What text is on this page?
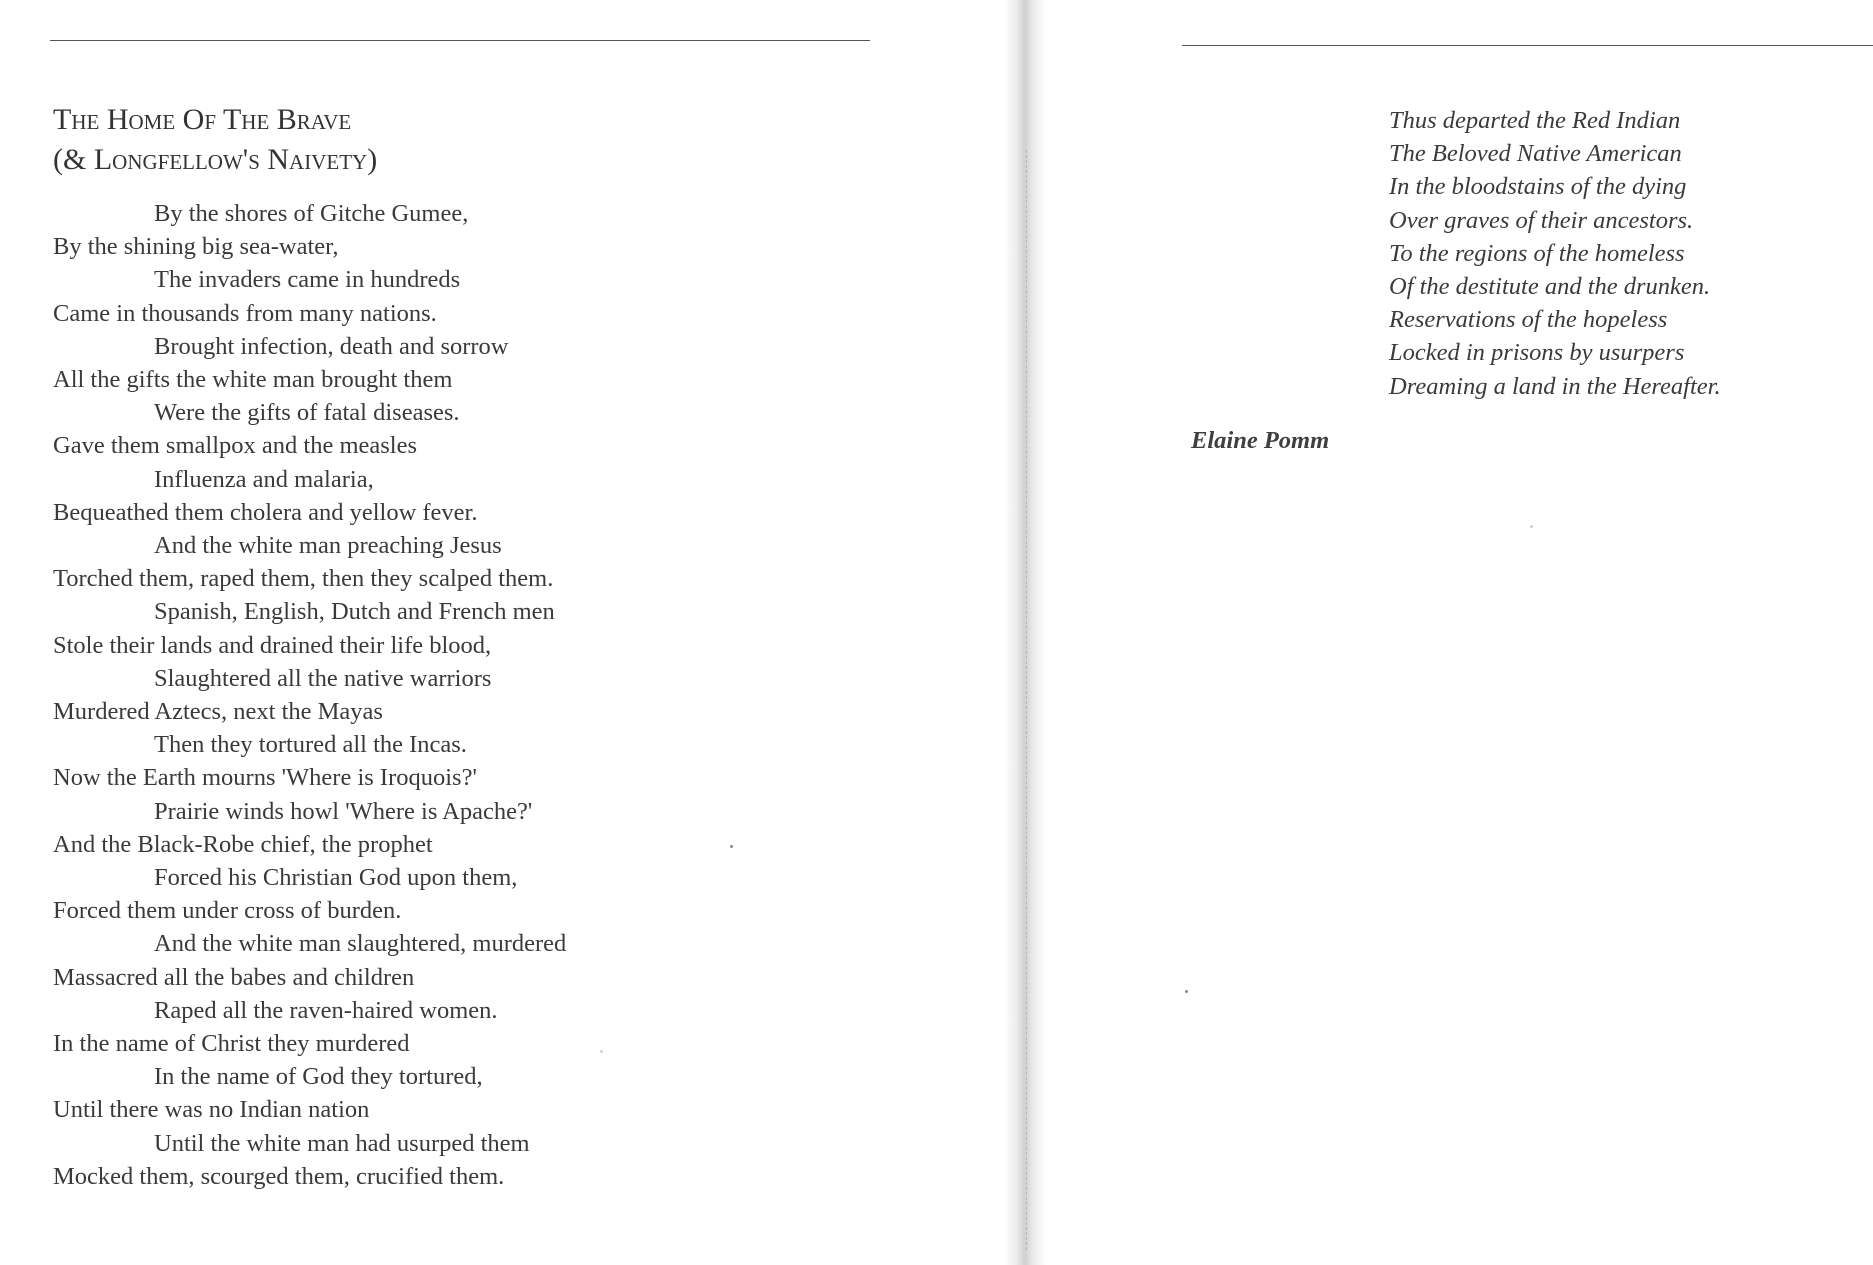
The Home Of The Brave
(& Longfellow's Naivety)
By the shores of Gitche Gumee,
By the shining big sea-water,
The invaders came in hundreds
Came in thousands from many nations.
Brought infection, death and sorrow
All the gifts the white man brought them
Were the gifts of fatal diseases.
Gave them smallpox and the measles
Influenza and malaria,
Bequeathed them cholera and yellow fever.
And the white man preaching Jesus
Torched them, raped them, then they scalped them.
Spanish, English, Dutch and French men
Stole their lands and drained their life blood,
Slaughtered all the native warriors
Murdered Aztecs, next the Mayas
Then they tortured all the Incas.
Now the Earth mourns 'Where is Iroquois?'
Prairie winds howl 'Where is Apache?'
And the Black-Robe chief, the prophet
Forced his Christian God upon them,
Forced them under cross of burden.
And the white man slaughtered, murdered
Massacred all the babes and children
Raped all the raven-haired women.
In the name of Christ they murdered
In the name of God they tortured,
Until there was no Indian nation
Until the white man had usurped them
Mocked them, scourged them, crucified them.
Thus departed the Red Indian
The Beloved Native American
In the bloodstains of the dying
Over graves of their ancestors.
To the regions of the homeless
Of the destitute and the drunken.
Reservations of the hopeless
Locked in prisons by usurpers
Dreaming a land in the Hereafter.
Elaine Pomm
